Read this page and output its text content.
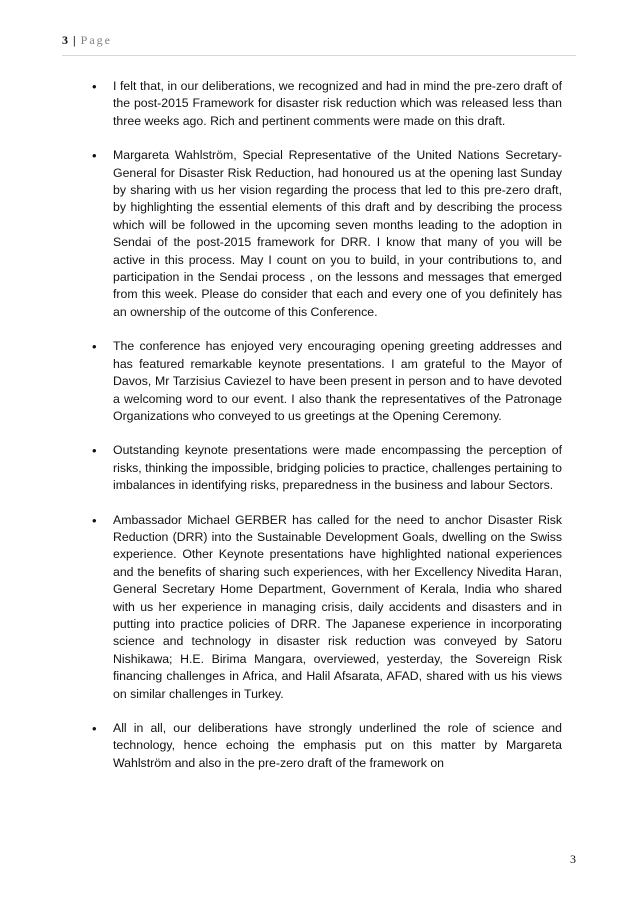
3 | Page
• I felt that, in our deliberations, we recognized and had in mind the pre-zero draft of the post-2015 Framework for disaster risk reduction which was released less than three weeks ago. Rich and pertinent comments were made on this draft.
• Margareta Wahlström, Special Representative of the United Nations Secretary-General for Disaster Risk Reduction, had honoured us at the opening last Sunday by sharing with us her vision regarding the process that led to this pre-zero draft, by highlighting the essential elements of this draft and by describing the process which will be followed in the upcoming seven months leading to the adoption in Sendai of the post-2015 framework for DRR. I know that many of you will be active in this process. May I count on you to build, in your contributions to, and participation in the Sendai process , on the lessons and messages that emerged from this week. Please do consider that each and every one of you definitely has an ownership of the outcome of this Conference.
• The conference has enjoyed very encouraging opening greeting addresses and has featured remarkable keynote presentations. I am grateful to the Mayor of Davos, Mr Tarzisius Caviezel to have been present in person and to have devoted a welcoming word to our event. I also thank the representatives of the Patronage Organizations who conveyed to us greetings at the Opening Ceremony.
• Outstanding keynote presentations were made encompassing the perception of risks, thinking the impossible, bridging policies to practice, challenges pertaining to imbalances in identifying risks, preparedness in the business and labour Sectors.
• Ambassador Michael GERBER has called for the need to anchor Disaster Risk Reduction (DRR) into the Sustainable Development Goals, dwelling on the Swiss experience. Other Keynote presentations have highlighted national experiences and the benefits of sharing such experiences, with her Excellency Nivedita Haran, General Secretary Home Department, Government of Kerala, India who shared with us her experience in managing crisis, daily accidents and disasters and in putting into practice policies of DRR. The Japanese experience in incorporating science and technology in disaster risk reduction was conveyed by Satoru Nishikawa; H.E. Birima Mangara, overviewed, yesterday, the Sovereign Risk financing challenges in Africa, and Halil Afsarata, AFAD, shared with us his views on similar challenges in Turkey.
• All in all, our deliberations have strongly underlined the role of science and technology, hence echoing the emphasis put on this matter by Margareta Wahlström and also in the pre-zero draft of the framework on
3
